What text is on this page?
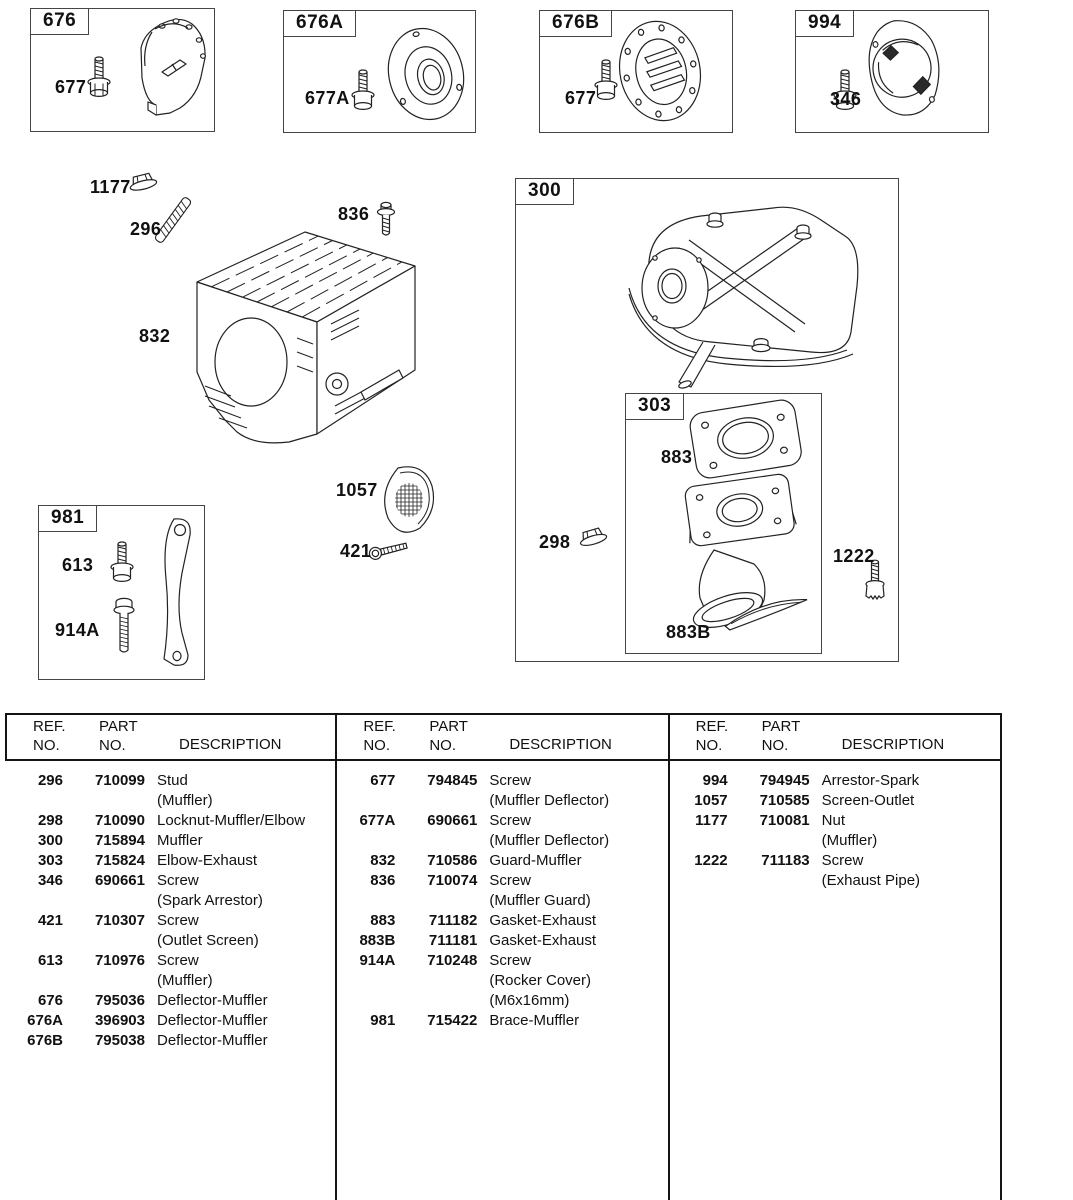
676	676A	676B	994
300
303
981
677
677A	677	346
1177
296
836
832
1057
421
883
298
1222
883B
613
914A
REF.
NO.
PART
NO.	DESCRIPTION
296	710099 Stud
(Muffler)
298	710090 Locknut-Muffler/Elbow
300	715894 Muffler
303	715824 Elbow-Exhaust
346	690661 Screw
(Spark Arrestor)
421	710307 Screw
(Outlet Screen)
613	710976 Screw
(Muffler)
676	795036 Deflector-Muffler
676A	396903 Deflector-Muffler
676B	795038 Deflector-Muffler
REF.
NO.
PART
NO.	DESCRIPTION
677	794845 Screw
(Muffler Deflector)
677A	690661 Screw
(Muffler Deflector)
832	710586 Guard-Muffler
836	710074 Screw
(Muffler Guard)
883	711182 Gasket-Exhaust
883B	711181 Gasket-Exhaust
914A	710248 Screw
(Rocker Cover)
(M6x16mm)
981	715422 Brace-Muffler
REF.
NO.
PART
NO.	DESCRIPTION
994	794945 Arrestor-Spark
1057	710585 Screen-Outlet
1177	710081 Nut
(Muffler)
1222	711183 Screw
(Exhaust Pipe)
